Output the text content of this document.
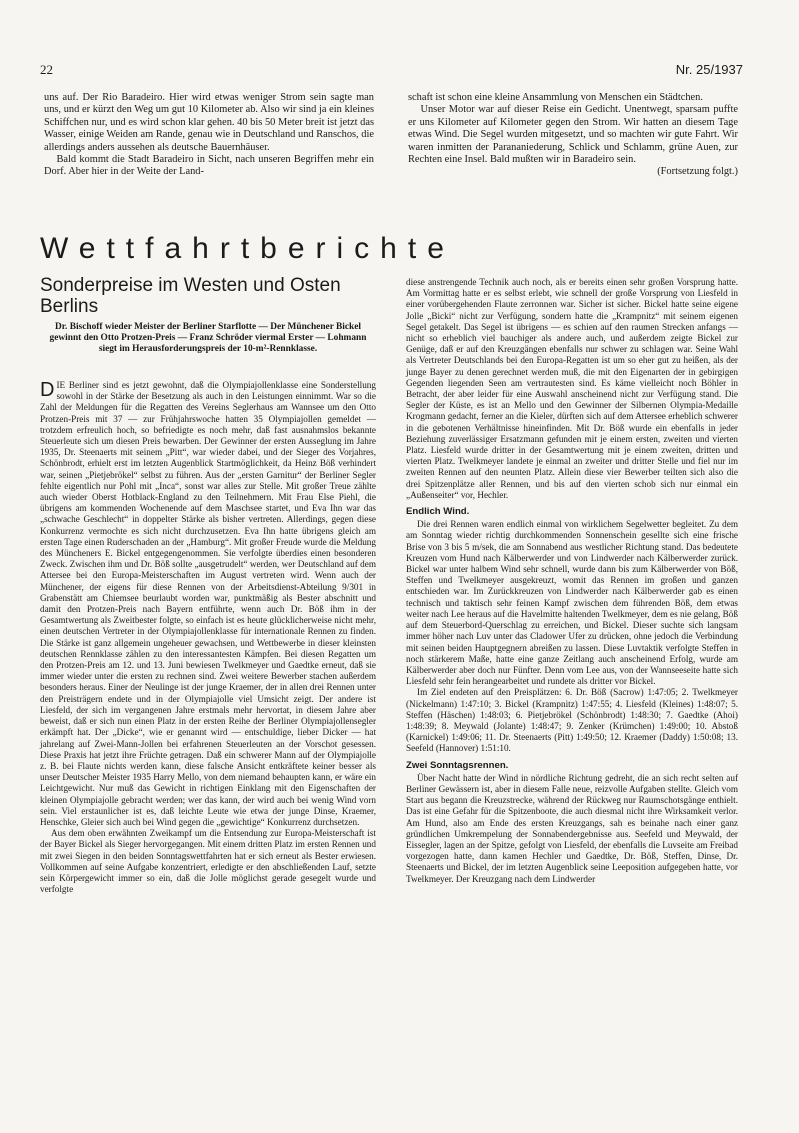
22	Nr. 25/1937

uns auf. Der Rio Baradeiro. Hier wird etwas weniger Strom sein sagte man uns, und er kürzt den Weg um gut 10 Kilometer ab. Also wir sind ja ein kleines Schiffchen nur, und es wird schon klar gehen. 40 bis 50 Meter breit ist jetzt das Wasser, einige Weiden am Rande, genau wie in Deutschland und Ranschos, die allerdings anders aussehen als deutsche Bauernhäuser.

Bald kommt die Stadt Baradeiro in Sicht, nach unseren Begriffen mehr ein Dorf. Aber hier in der Weite der Land-

schaft ist schon eine kleine Ansammlung von Menschen ein Städtchen.

Unser Motor war auf dieser Reise ein Gedicht. Unentwegt, sparsam puffte er uns Kilometer auf Kilometer gegen den Strom. Wir hatten an diesem Tage etwas Wind. Die Segel wurden mitgesetzt, und so machten wir gute Fahrt. Wir waren inmitten der Parananiederung, Schlick und Schlamm, grüne Auen, zur Rechten eine Insel. Bald mußten wir in Baradeiro sein.

(Fortsetzung folgt.)

Wettfahrtberichte
Sonderpreise im Westen und Osten Berlins
Dr. Bischoff wieder Meister der Berliner Starflotte — Der Münchener Bickel gewinnt den Otto Protzen-Preis — Franz Schröder viermal Erster — Lohmann siegt im Herausforderungspreis der 10-m²-Rennklasse.

DIE Berliner sind es jetzt gewohnt, daß die Olympiajollenklasse eine Sonderstellung sowohl in der Stärke der Besetzung als auch in den Leistungen einnimmt. War so die Zahl der Meldungen für die Regatten des Vereins Seglerhaus am Wannsee um den Otto Protzen-Preis mit 37 — zur Frühjahrswoche hatten 35 Olympiajollen gemeldet — trotzdem erfreulich hoch, so befriedigte es noch mehr, daß fast ausnahmslos bekannte Steuerleute sich um diesen Preis bewarben. Der Gewinner der ersten Ausseglung im Jahre 1935, Dr. Steenaerts mit seinem „Pitt“, war wieder dabei, und der Sieger des Vorjahres, Schönbrodt, erhielt erst im letzten Augenblick Startmöglichkeit, da Heinz Böß verhindert war, seinen „Pietjebrökel“ selbst zu führen. Aus der „ersten Garnitur“ der Berliner Segler fehlte eigentlich nur Pohl mit „Inca“, sonst war alles zur Stelle. Mit großer Treue zählte auch wieder Oberst Hotblack-England zu den Teilnehmern. Mit Frau Else Piehl, die übrigens am kommenden Wochenende auf dem Maschsee startet, und Eva Ihn war das „schwache Geschlecht“ in doppelter Stärke als bisher vertreten. Allerdings, gegen diese Konkurrenz vermochte es sich nicht durchzusetzen. Eva Ihn hatte übrigens gleich am ersten Tage einen Ruderschaden an der „Hamburg“. Mit großer Freude wurde die Meldung des Müncheners E. Bickel entgegengenommen. Sie verfolgte überdies einen besonderen Zweck. Zwischen ihm und Dr. Böß sollte „ausgetrudelt“ werden, wer Deutschland auf dem Attersee bei den Europa-Meisterschaften im August vertreten wird. Wenn auch der Münchener, der eigens für diese Rennen von der Arbeitsdienst-Abteilung 9/301 in Grabenstätt am Chiemsee beurlaubt worden war, punktmäßig als Bester abschnitt und damit den Protzen-Preis nach Bayern entführte, wenn auch Dr. Böß ihm in der Gesamtwertung als Zweitbester folgte, so einfach ist es heute glücklicherweise nicht mehr, einen deutschen Vertreter in der Olympiajollenklasse für internationale Rennen zu finden. Die Stärke ist ganz allgemein ungeheuer gewachsen, und Wettbewerbe in dieser kleinsten deutschen Rennklasse zählen zu den interessantesten Kämpfen. Bei diesen Regatten um den Protzen-Preis am 12. und 13. Juni bewiesen Twelkmeyer und Gaedtke erneut, daß sie immer wieder unter die ersten zu rechnen sind. Zwei weitere Bewerber stachen außerdem besonders heraus. Einer der Neulinge ist der junge Kraemer, der in allen drei Rennen unter den Preisträgern endete und in der Olympiajolle viel Umsicht zeigt. Der andere ist Liesfeld, der sich im vergangenen Jahre erstmals mehr hervortat, in diesem Jahre aber beweist, daß er sich nun einen Platz in der ersten Reihe der Berliner Olympiajollensegler erkämpft hat. Der „Dicke“, wie er genannt wird — entschuldige, lieber Dicker — hat jahrelang auf Zwei-Mann-Jollen bei erfahrenen Steuerleuten an der Vorschot gesessen. Diese Praxis hat jetzt ihre Früchte getragen. Daß ein schwerer Mann auf der Olympiajolle z. B. bei Flaute nichts werden kann, diese falsche Ansicht entkräftete keiner besser als unser Deutscher Meister 1935 Harry Mello, von dem niemand behaupten kann, er wäre ein Leichtgewicht. Nur muß das Gewicht in richtigen Einklang mit den Eigenschaften der kleinen Olympiajolle gebracht werden; wer das kann, der wird auch bei wenig Wind vorn sein. Viel erstaunlicher ist es, daß leichte Leute wie etwa der junge Dinse, Kraemer, Henschke, Gleier sich auch bei Wind gegen die „gewichtige“ Konkurrenz durchsetzen.

Aus dem oben erwähnten Zweikampf um die Entsendung zur Europa-Meisterschaft ist der Bayer Bickel als Sieger hervorgegangen. Mit einem dritten Platz im ersten Rennen und mit zwei Siegen in den beiden Sonntagswettfahrten hat er sich erneut als Bester erwiesen. Vollkommen auf seine Aufgabe konzentriert, erledigte er den abschließenden Lauf, setzte sein Körpergewicht immer so ein, daß die Jolle möglichst gerade gesegelt wurde und verfolgte

diese anstrengende Technik auch noch, als er bereits einen sehr großen Vorsprung hatte. Am Vormittag hatte er es selbst erlebt, wie schnell der große Vorsprung von Liesfeld in einer vorübergehenden Flaute zerronnen war. Sicher ist sicher. Bickel hatte seine eigene Jolle „Bicki“ nicht zur Verfügung, sondern hatte die „Krampnitz“ mit seinem eigenen Segel getakelt. Das Segel ist übrigens — es schien auf den raumen Strecken anfangs — nicht so erheblich viel bauchiger als andere auch, und außerdem zeigte Bickel zur Genüge, daß er auf den Kreuzgängen ebenfalls nur schwer zu schlagen war. Seine Wahl als Vertreter Deutschlands bei den Europa-Regatten ist um so eher gut zu heißen, als der junge Bayer zu denen gerechnet werden muß, die mit den Eigenarten der in gebirgigen Gegenden liegenden Seen am vertrautesten sind. Es käme vielleicht noch Böhler in Betracht, der aber leider für eine Auswahl anscheinend nicht zur Verfügung stand. Die Segler der Küste, es ist an Mello und den Gewinner der Silbernen Olympia-Medaille Krogmann gedacht, ferner an die Kieler, dürften sich auf dem Attersee erheblich schwerer in die gebotenen Verhältnisse hineinfinden. Mit Dr. Böß wurde ein ebenfalls in jeder Beziehung zuverlässiger Ersatzmann gefunden mit je einem ersten, zweiten und vierten Platz. Liesfeld wurde dritter in der Gesamtwertung mit je einem zweiten, dritten und vierten Platz. Twelkmeyer landete je einmal an zweiter und dritter Stelle und fiel nur im zweiten Rennen auf den neunten Platz. Allein diese vier Bewerber teilten sich also die drei Spitzenplätze aller Rennen, und bis auf den vierten schob sich nur einmal ein „Außenseiter“ vor, Hechler.

Endlich Wind.

Die drei Rennen waren endlich einmal von wirklichem Segelwetter begleitet. Zu dem am Sonntag wieder richtig durchkommenden Sonnenschein gesellte sich eine frische Brise von 3 bis 5 m/sek, die am Sonnabend aus westlicher Richtung stand. Das bedeutete Kreuzen vom Hund nach Kälberwerder und von Lindwerder nach Kälberwerder zurück. Bickel war unter halbem Wind sehr schnell, wurde dann bis zum Kälberwerder von Böß, Steffen und Twelkmeyer ausgekreuzt, womit das Rennen im großen und ganzen entschieden war. Im Zurückkreuzen von Lindwerder nach Kälberwerder gab es einen technisch und taktisch sehr feinen Kampf zwischen dem führenden Böß, dem etwas weiter nach Lee heraus auf die Havelmitte haltenden Twelkmeyer, dem es nie gelang, Böß auf dem Steuerbord-Querschlag zu erreichen, und Bickel. Dieser suchte sich langsam immer höher nach Luv unter das Cladower Ufer zu drücken, ohne jedoch die Verbindung mit seinen beiden Hauptgegnern abreißen zu lassen. Diese Luvtaktik verfolgte Steffen in noch stärkerem Maße, hatte eine ganze Zeitlang auch anscheinend Erfolg, wurde am Kälberwerder aber doch nur Fünfter. Denn vom Lee aus, von der Wannseeseite hatte sich Liesfeld sehr fein herangearbeitet und rundete als dritter vor Bickel.

Im Ziel endeten auf den Preisplätzen: 6. Dr. Böß (Sacrow) 1:47:05; 2. Twelkmeyer (Nickelmann) 1:47:10; 3. Bickel (Krampnitz) 1:47:55; 4. Liesfeld (Kleines) 1:48:07; 5. Steffen (Häschen) 1:48:03; 6. Pietjebrökel (Schönbrodt) 1:48:30; 7. Gaedtke (Ahoi) 1:48:39; 8. Meywald (Jolante) 1:48:47; 9. Zenker (Krümchen) 1:49:00; 10. Abstoß (Karnickel) 1:49:06; 11. Dr. Steenaerts (Pitt) 1:49:50; 12. Kraemer (Daddy) 1:50:08; 13. Seefeld (Hannover) 1:51:10.

Zwei Sonntagsrennen.

Über Nacht hatte der Wind in nördliche Richtung gedreht, die an sich recht selten auf Berliner Gewässern ist, aber in diesem Falle neue, reizvolle Aufgaben stellte. Gleich vom Start aus begann die Kreuzstrecke, während der Rückweg nur Raumschotsgänge enthielt. Das ist eine Gefahr für die Spitzenboote, die auch diesmal nicht ihre Wirksamkeit verlor. Am Hund, also am Ende des ersten Kreuzgangs, sah es beinahe nach einer ganz gründlichen Umkrempelung der Sonnabendergebnisse aus. Seefeld und Meywald, der Eissegler, lagen an der Spitze, gefolgt von Liesfeld, der ebenfalls die Luvseite am Freibad vorgezogen hatte, dann kamen Hechler und Gaedtke, Dr. Böß, Steffen, Dinse, Dr. Steenaerts und Bickel, der im letzten Augenblick seine Leeposition aufgegeben hatte, vor Twelkmeyer. Der Kreuzgang nach dem Lindwerder
